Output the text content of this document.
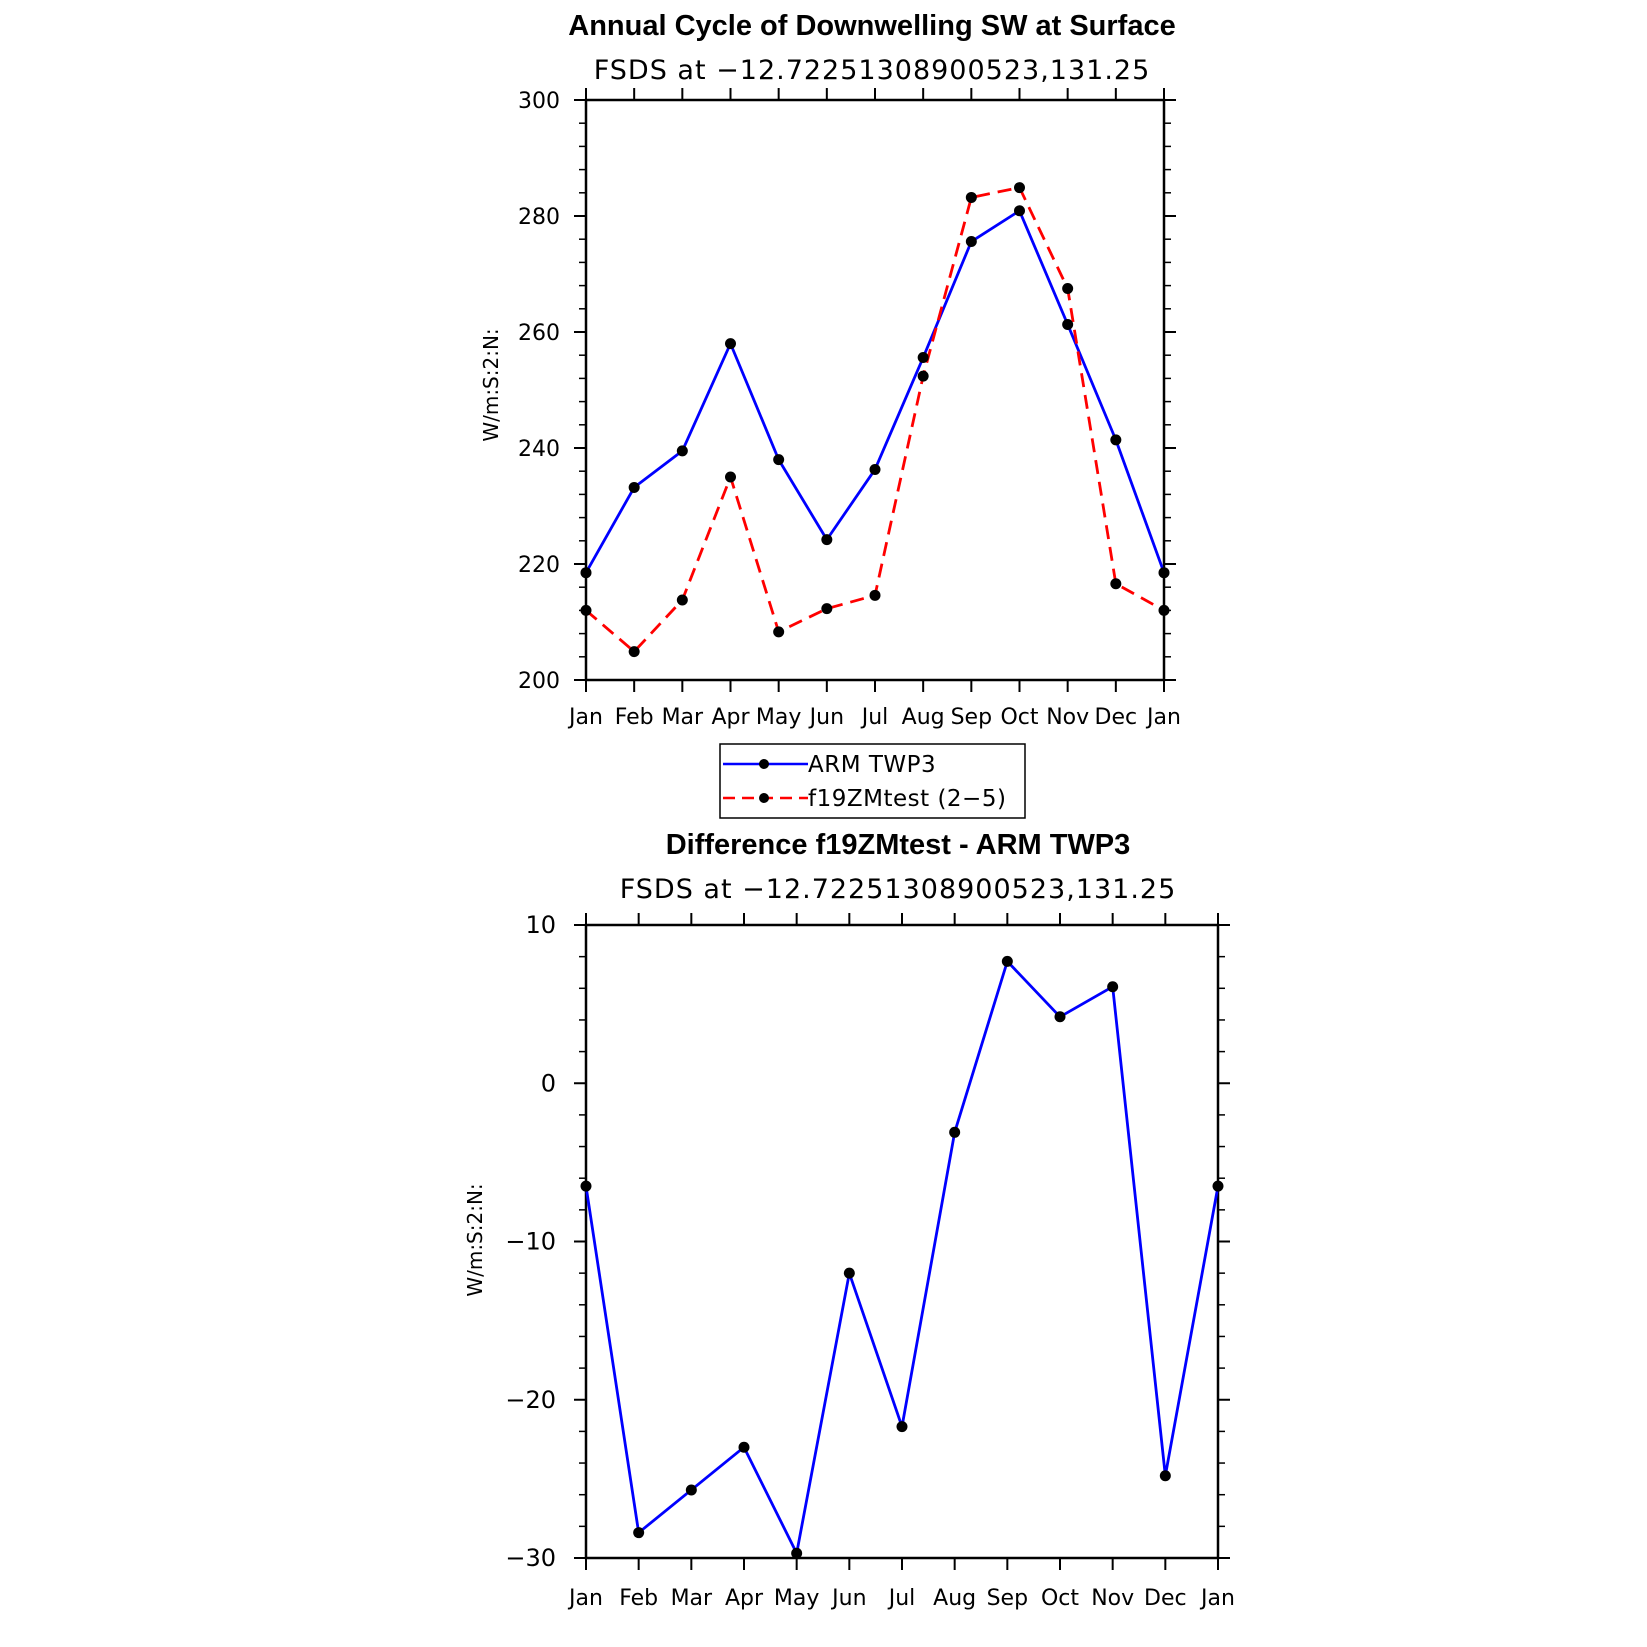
Annual Cycle of Downwelling SW at Surface
FSDS at −12.72251308900523,131.25
W/m:S:2:N:
Jan Feb Mar Apr May Jun Jul Aug Sep Oct Nov Dec Jan
200
220
240
260
280
300
ARM TWP3
f19ZMtest (2−5)
Difference f19ZMtest - ARM TWP3
FSDS at −12.72251308900523,131.25
W/m:S:2:N:
Jan Feb Mar Apr May Jun Jul Aug Sep Oct Nov Dec Jan
−30
−20
−10
0
10
